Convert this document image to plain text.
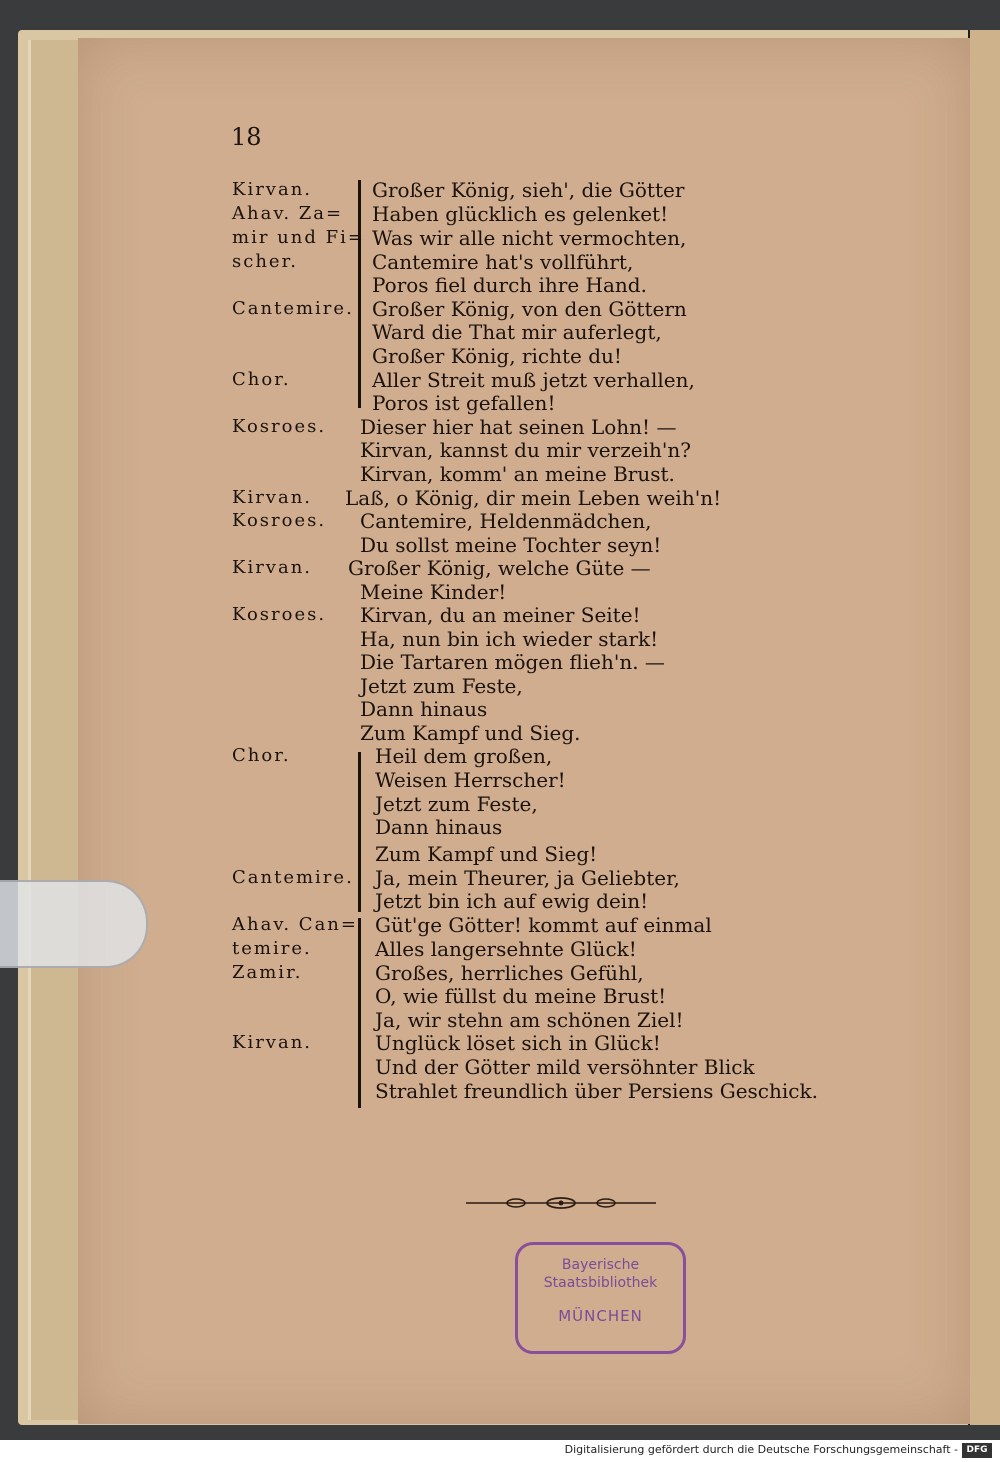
18
Kirvan.
Ahav. Za=
mir und Fi=
scher.
Cantemire.
Chor.
Kosroes.
Kirvan.
Kosroes.
Kirvan.
Kosroes.
Chor.
Cantemire.
Ahav. Can=
temire.
Zamir.
Kirvan.
Großer König, sieh', die Götter
Haben glücklich es gelenket!
Was wir alle nicht vermochten,
Cantemire hat's vollführt,
Poros fiel durch ihre Hand.
Großer König, von den Göttern
Ward die That mir auferlegt,
Großer König, richte du!
Aller Streit muß jetzt verhallen,
Poros ist gefallen!
Dieser hier hat seinen Lohn! —
Kirvan, kannst du mir verzeih'n?
Kirvan, komm' an meine Brust.
Laß, o König, dir mein Leben weih'n!
Cantemire, Heldenmädchen,
Du sollst meine Tochter seyn!
Großer König, welche Güte —
Meine Kinder!
Kirvan, du an meiner Seite!
Ha, nun bin ich wieder stark!
Die Tartaren mögen flieh'n. —
Jetzt zum Feste,
Dann hinaus
Zum Kampf und Sieg.
Heil dem großen,
Weisen Herrscher!
Jetzt zum Feste,
Dann hinaus
Zum Kampf und Sieg!
Ja, mein Theurer, ja Geliebter,
Jetzt bin ich auf ewig dein!
Güt'ge Götter! kommt auf einmal
Alles langersehnte Glück!
Großes, herrliches Gefühl,
O, wie füllst du meine Brust!
Ja, wir stehn am schönen Ziel!
Unglück löset sich in Glück!
Und der Götter mild versöhnter Blick
Strahlet freundlich über Persiens Geschick.
Bayerische
Staatsbibliothek
MÜNCHEN
Digitalisierung gefördert durch die Deutsche Forschungsgemeinschaft - DFG
